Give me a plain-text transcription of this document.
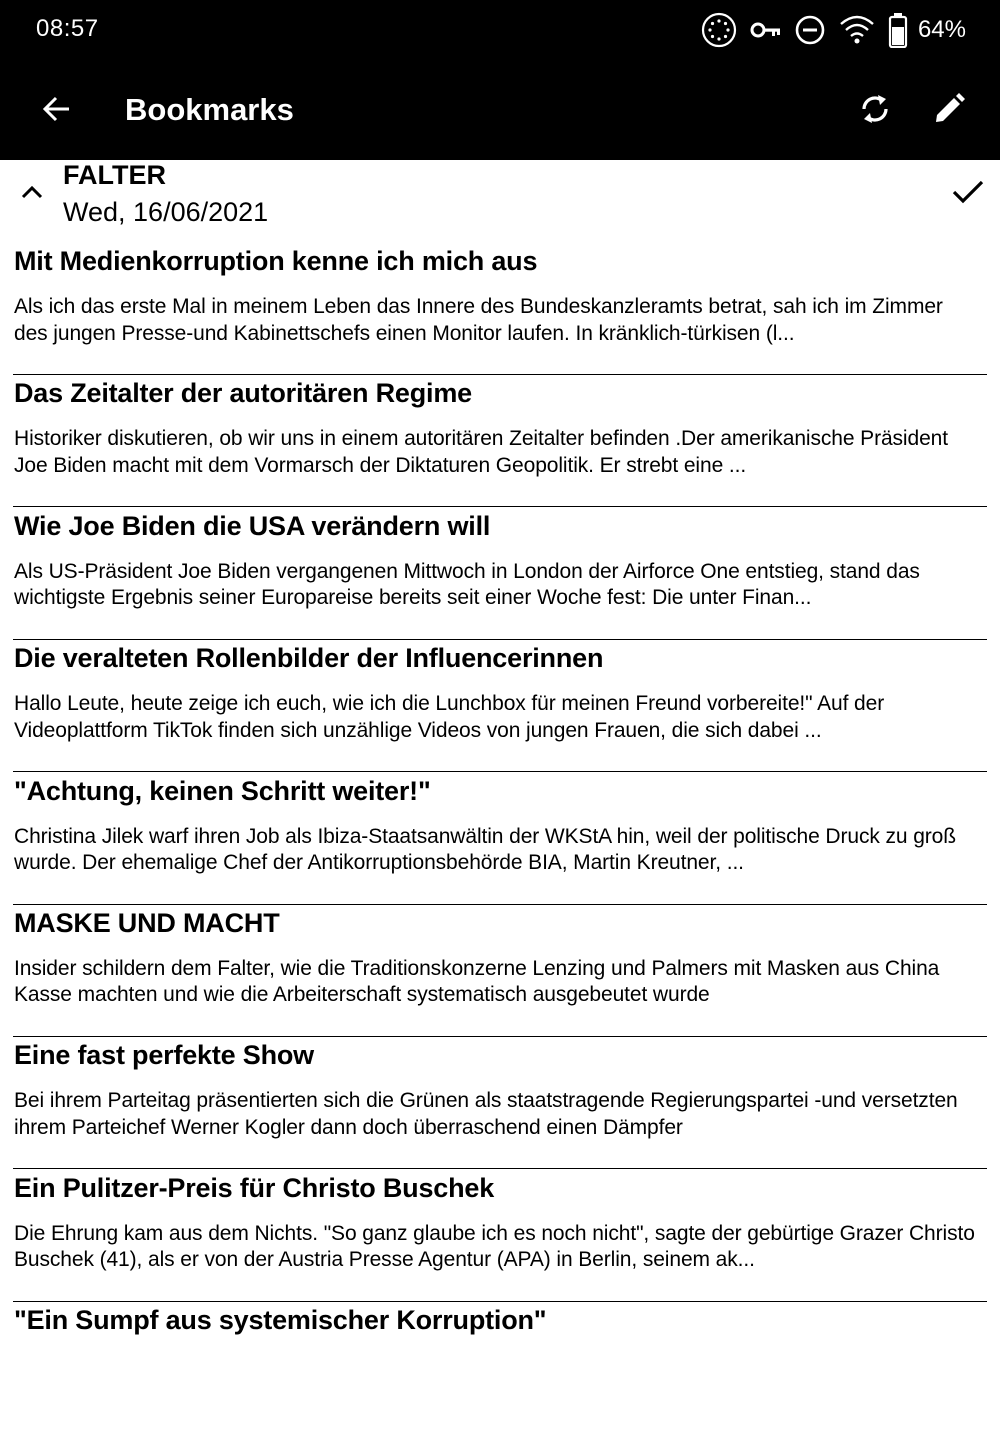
08:57	64%
Bookmarks
FALTER
Wed, 16/06/2021
Mit Medienkorruption kenne ich mich aus
Als ich das erste Mal in meinem Leben das Innere des Bundeskanzleramts betrat, sah ich im Zimmer des jungen Presse-und Kabinettschefs einen Monitor laufen. In kränklich-türkisen (l...
Das Zeitalter der autoritären Regime
Historiker diskutieren, ob wir uns in einem autoritären Zeitalter befinden .Der amerikanische Präsident Joe Biden macht mit dem Vormarsch der Diktaturen Geopolitik. Er strebt eine ...
Wie Joe Biden die USA verändern will
Als US-Präsident Joe Biden vergangenen Mittwoch in London der Airforce One entstieg, stand das wichtigste Ergebnis seiner Europareise bereits seit einer Woche fest: Die unter Finan...
Die veralteten Rollenbilder der Influencerinnen
Hallo Leute, heute zeige ich euch, wie ich die Lunchbox für meinen Freund vorbereite!" Auf der Videoplattform TikTok finden sich unzählige Videos von jungen Frauen, die sich dabei ...
"Achtung, keinen Schritt weiter!"
Christina Jilek warf ihren Job als Ibiza-Staatsanwältin der WKStA hin, weil der politische Druck zu groß wurde. Der ehemalige Chef der Antikorruptionsbehörde BIA, Martin Kreutner, ...
MASKE UND MACHT
Insider schildern dem Falter, wie die Traditionskonzerne Lenzing und Palmers mit Masken aus China Kasse machten und wie die Arbeiterschaft systematisch ausgebeutet wurde
Eine fast perfekte Show
Bei ihrem Parteitag präsentierten sich die Grünen als staatstragende Regierungspartei -und versetzten ihrem Parteichef Werner Kogler dann doch überraschend einen Dämpfer
Ein Pulitzer-Preis für Christo Buschek
Die Ehrung kam aus dem Nichts. "So ganz glaube ich es noch nicht", sagte der gebürtige Grazer Christo Buschek (41), als er von der Austria Presse Agentur (APA) in Berlin, seinem ak...
"Ein Sumpf aus systemischer Korruption"
